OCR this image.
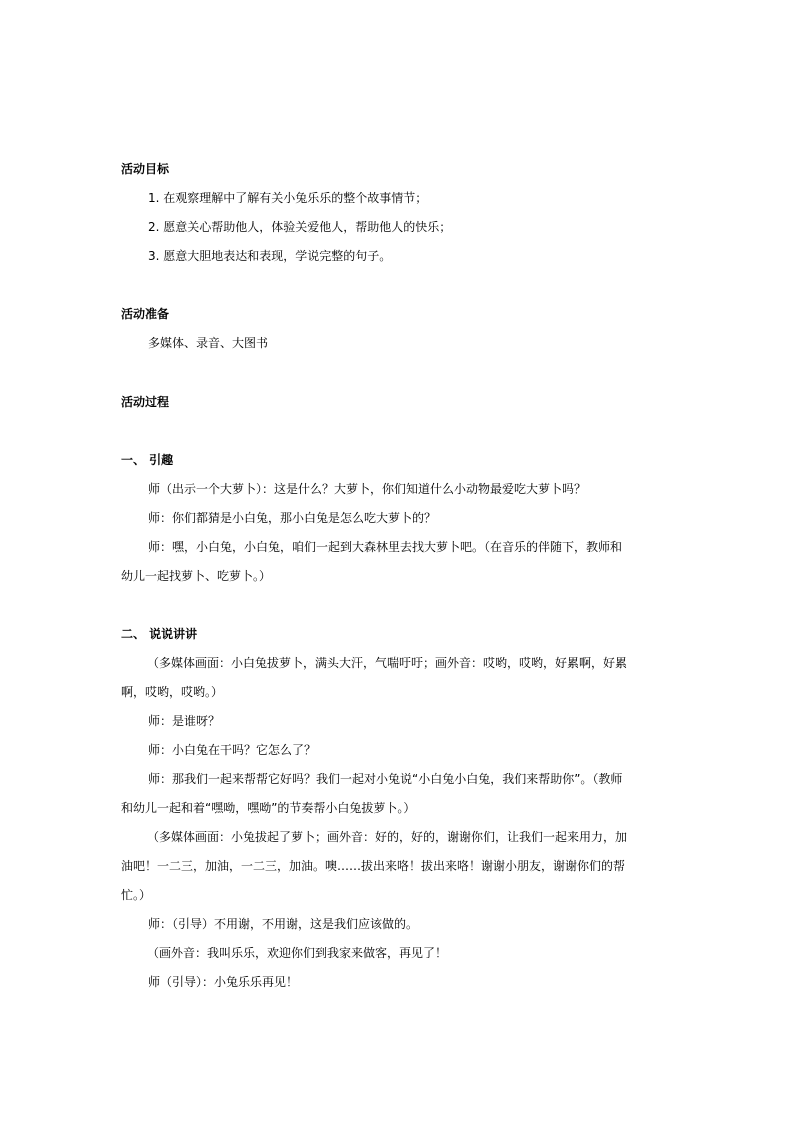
活动目标
1. 在观察理解中了解有关小兔乐乐的整个故事情节；
2. 愿意关心帮助他人，体验关爱他人，帮助他人的快乐；
3. 愿意大胆地表达和表现，学说完整的句子。
活动准备
多媒体、录音、大图书
活动过程
一、 引趣
师（出示一个大萝卜）：这是什么？大萝卜，你们知道什么小动物最爱吃大萝卜吗？
师：你们都猜是小白兔，那小白兔是怎么吃大萝卜的？
师：嘿，小白兔，小白兔，咱们一起到大森林里去找大萝卜吧。（在音乐的伴随下，教师和
幼儿一起找萝卜、吃萝卜。）
二、 说说讲讲
（多媒体画面：小白兔拔萝卜，满头大汗，气喘吁吁；画外音：哎哟，哎哟，好累啊，好累
啊，哎哟，哎哟。）
师：是谁呀？
师：小白兔在干吗？它怎么了？
师：那我们一起来帮帮它好吗？我们一起对小兔说“小白兔小白兔，我们来帮助你”。（教师
和幼儿一起和着“嘿呦，嘿呦”的节奏帮小白兔拔萝卜。）
（多媒体画面：小兔拔起了萝卜；画外音：好的，好的，谢谢你们，让我们一起来用力，加
油吧！一二三，加油，一二三，加油。噢……拔出来咯！拔出来咯！谢谢小朋友，谢谢你们的帮
忙。）
师：（引导）不用谢，不用谢，这是我们应该做的。
（画外音：我叫乐乐，欢迎你们到我家来做客，再见了！
师（引导）：小兔乐乐再见！
